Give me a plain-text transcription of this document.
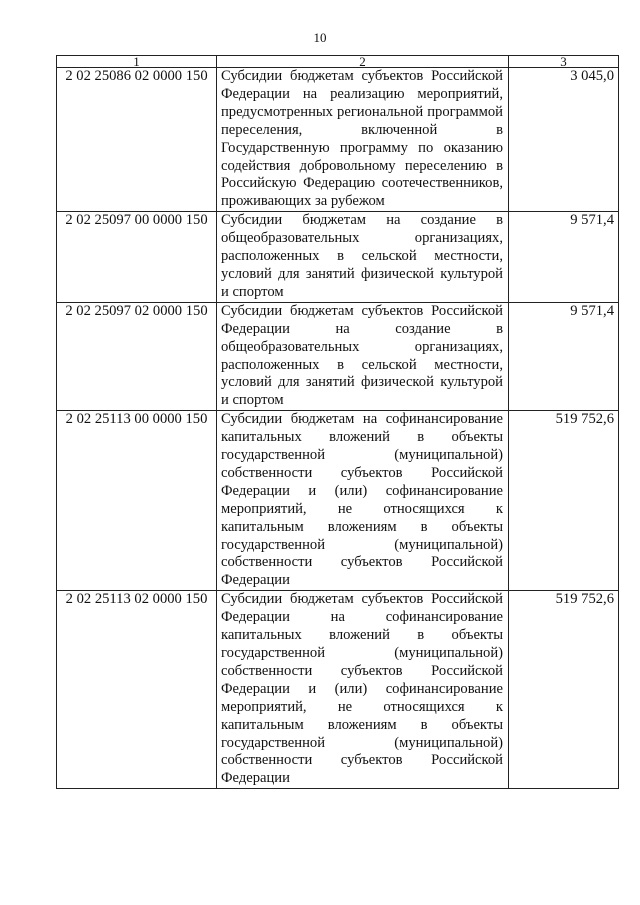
10
1	2	3
2 02 25086 02 0000 150	Субсидии бюджетам субъектов Российской Федерации на реализацию мероприятий, предусмотренных региональной программой переселения, включенной в Государственную программу по оказанию содействия добровольному переселению в Российскую Федерацию соотечественников, проживающих за рубежом	3 045,0
2 02 25097 00 0000 150	Субсидии бюджетам на создание в общеобразовательных организациях, расположенных в сельской местности, условий для занятий физической культурой и спортом	9 571,4
2 02 25097 02 0000 150	Субсидии бюджетам субъектов Российской Федерации на создание в общеобразовательных организациях, расположенных в сельской местности, условий для занятий физической культурой и спортом	9 571,4
2 02 25113 00 0000 150	Субсидии бюджетам на софинансирование капитальных вложений в объекты государственной (муниципальной) собственности субъектов Российской Федерации и (или) софинансирование мероприятий, не относящихся к капитальным вложениям в объекты государственной (муниципальной) собственности субъектов Российской Федерации	519 752,6
2 02 25113 02 0000 150	Субсидии бюджетам субъектов Российской Федерации на софинансирование капитальных вложений в объекты государственной (муниципальной) собственности субъектов Российской Федерации и (или) софинансирование мероприятий, не относящихся к капитальным вложениям в объекты государственной (муниципальной) собственности субъектов Российской Федерации	519 752,6
